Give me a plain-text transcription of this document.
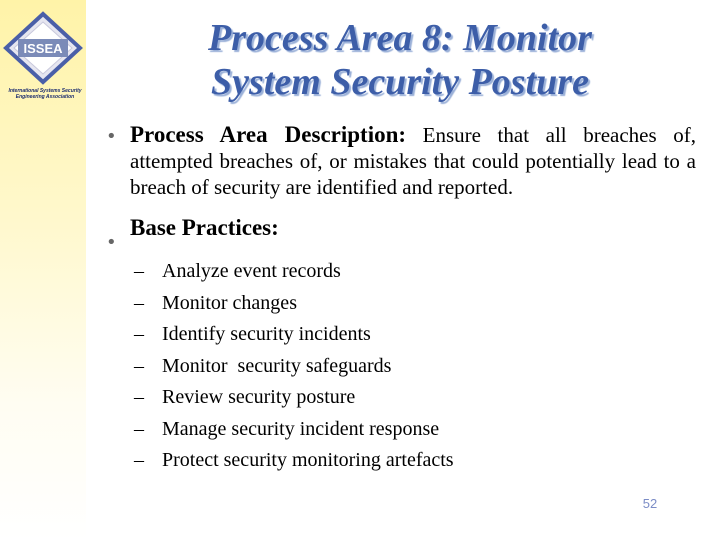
ISSEA
International Systems Security
Engineering Association
Process Area 8: Monitor
System Security Posture
• Process Area Description: Ensure that all breaches of, attempted breaches of, or mistakes that could potentially lead to a breach of security are identified and reported.
•
Base Practices:
– Analyze event records
– Monitor changes
– Identify security incidents
– Monitor  security safeguards
– Review security posture
– Manage security incident response
– Protect security monitoring artefacts
52
